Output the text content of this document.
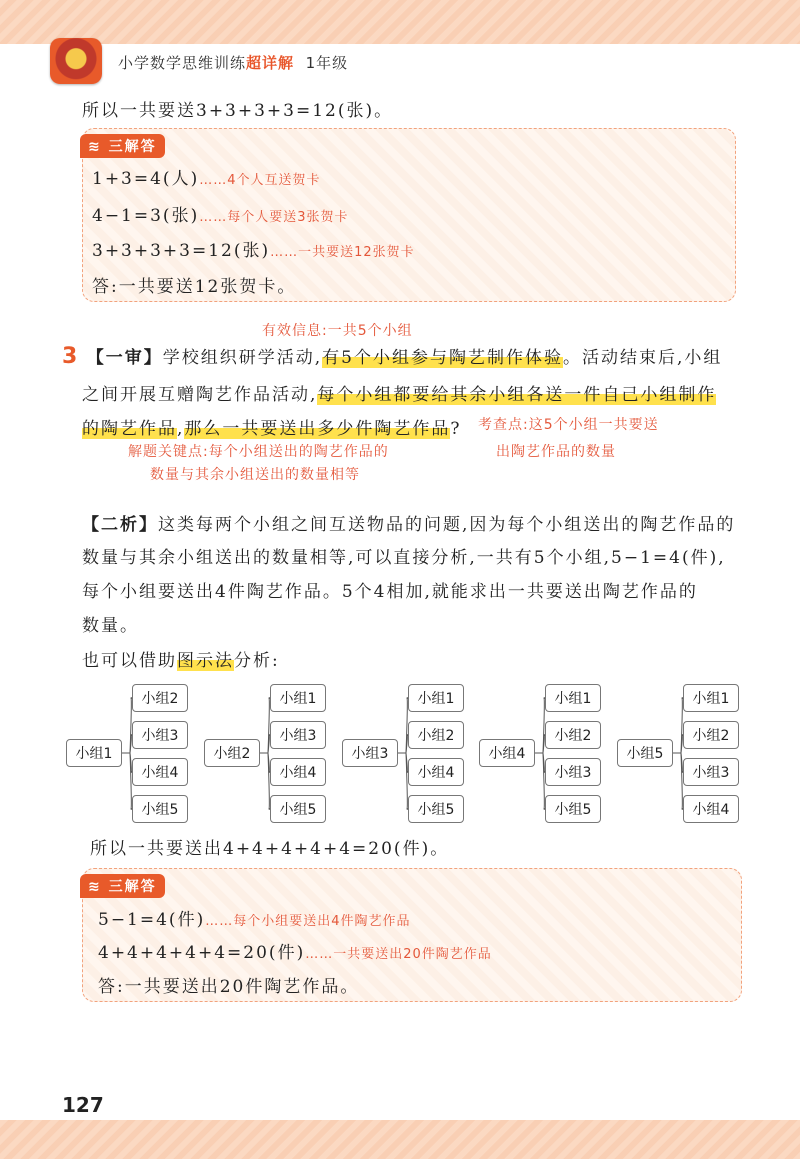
小学数学思维训练超详解 1年级
所以一共要送3+3+3+3=12(张)。
≋ 三解答
1+3=4(人)……4个人互送贺卡
4−1=3(张)……每个人要送3张贺卡
3+3+3+3=12(张)……一共要送12张贺卡
答:一共要送12张贺卡。
有效信息:一共5个小组
3 【一审】学校组织研学活动,有5个小组参与陶艺制作体验。活动结束后,小组
之间开展互赠陶艺作品活动,每个小组都要给其余小组各送一件自己小组制作
的陶艺作品,那么一共要送出多少件陶艺作品? 考查点:这5个小组一共要送
出陶艺作品的数量
解题关键点:每个小组送出的陶艺作品的
数量与其余小组送出的数量相等
【二析】这类每两个小组之间互送物品的问题,因为每个小组送出的陶艺作品的
数量与其余小组送出的数量相等,可以直接分析,一共有5个小组,5−1=4(件),
每个小组要送出4件陶艺作品。5个4相加,就能求出一共要送出陶艺作品的
数量。
也可以借助图示法分析:
小组1
小组2
小组3
小组4
小组5
小组2
小组1
小组3
小组4
小组5
小组3
小组1
小组2
小组4
小组5
小组4
小组1
小组2
小组3
小组5
小组5
小组1
小组2
小组3
小组4
所以一共要送出4+4+4+4+4=20(件)。
≋ 三解答
5−1=4(件)……每个小组要送出4件陶艺作品
4+4+4+4+4=20(件)……一共要送出20件陶艺作品
答:一共要送出20件陶艺作品。
127
